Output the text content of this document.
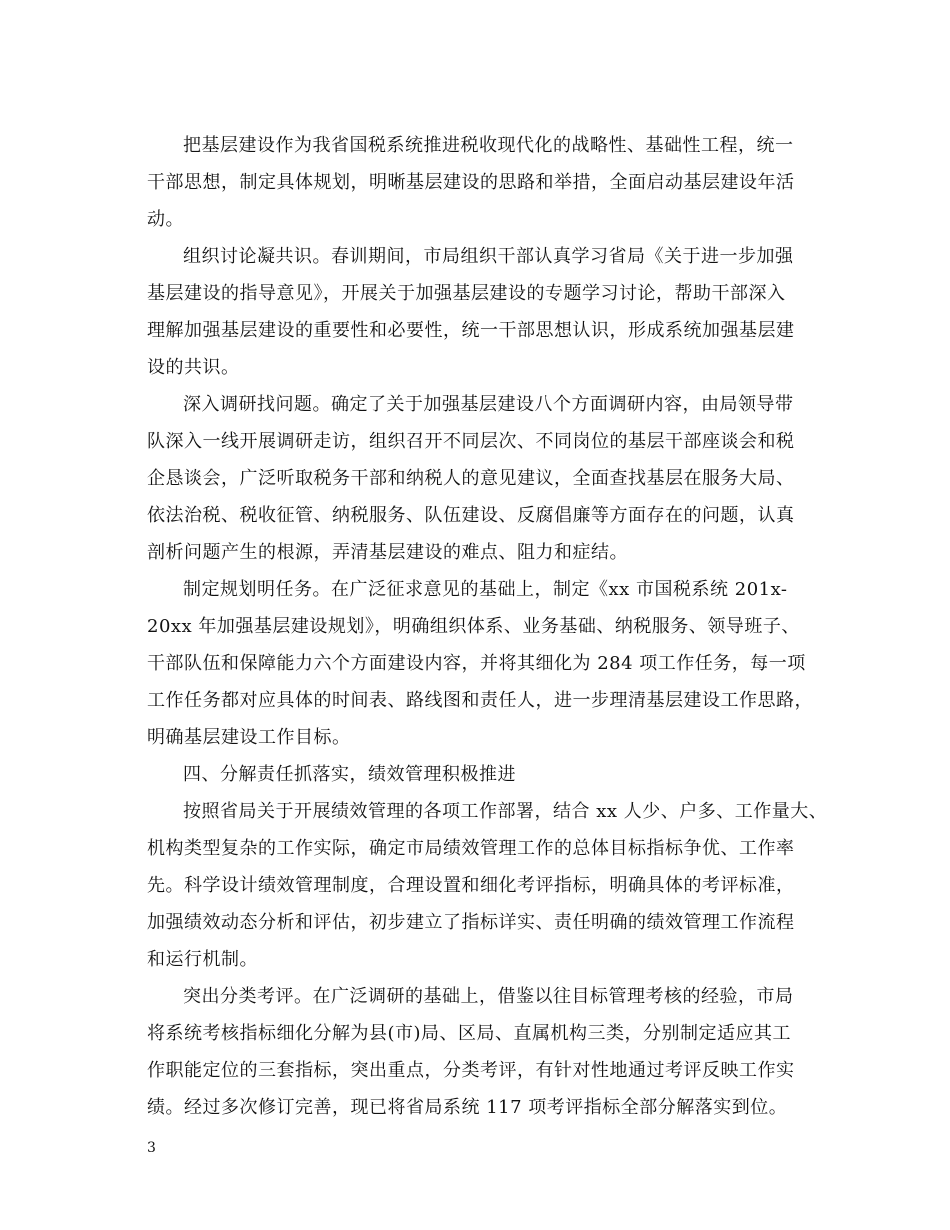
把基层建设作为我省国税系统推进税收现代化的战略性、基础性工程，统一
干部思想，制定具体规划，明晰基层建设的思路和举措，全面启动基层建设年活
动。
组织讨论凝共识。春训期间，市局组织干部认真学习省局《关于进一步加强
基层建设的指导意见》，开展关于加强基层建设的专题学习讨论，帮助干部深入
理解加强基层建设的重要性和必要性，统一干部思想认识，形成系统加强基层建
设的共识。
深入调研找问题。确定了关于加强基层建设八个方面调研内容，由局领导带
队深入一线开展调研走访，组织召开不同层次、不同岗位的基层干部座谈会和税
企恳谈会，广泛听取税务干部和纳税人的意见建议，全面查找基层在服务大局、
依法治税、税收征管、纳税服务、队伍建设、反腐倡廉等方面存在的问题，认真
剖析问题产生的根源，弄清基层建设的难点、阻力和症结。
制定规划明任务。在广泛征求意见的基础上，制定《xx 市国税系统 201x-
20xx 年加强基层建设规划》，明确组织体系、业务基础、纳税服务、领导班子、
干部队伍和保障能力六个方面建设内容，并将其细化为 284 项工作任务，每一项
工作任务都对应具体的时间表、路线图和责任人，进一步理清基层建设工作思路，
明确基层建设工作目标。
四、分解责任抓落实，绩效管理积极推进
按照省局关于开展绩效管理的各项工作部署，结合 xx 人少、户多、工作量大、
机构类型复杂的工作实际，确定市局绩效管理工作的总体目标指标争优、工作率
先。科学设计绩效管理制度，合理设置和细化考评指标，明确具体的考评标准，
加强绩效动态分析和评估，初步建立了指标详实、责任明确的绩效管理工作流程
和运行机制。
突出分类考评。在广泛调研的基础上，借鉴以往目标管理考核的经验，市局
将系统考核指标细化分解为县(市)局、区局、直属机构三类，分别制定适应其工
作职能定位的三套指标，突出重点，分类考评，有针对性地通过考评反映工作实
绩。经过多次修订完善，现已将省局系统 117 项考评指标全部分解落实到位。
3
